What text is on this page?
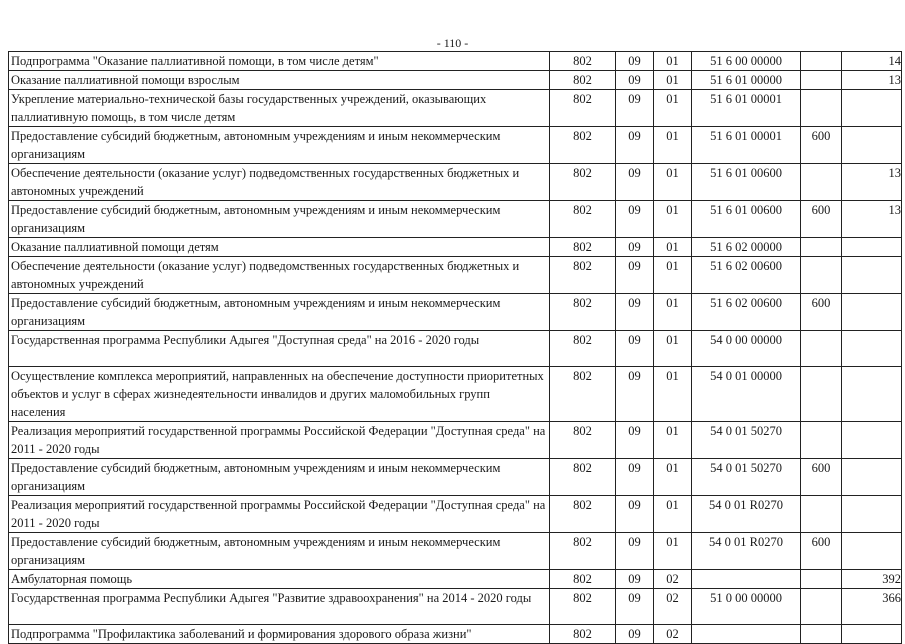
- 110 -
Подпрограмма "Оказание паллиативной помощи, в том числе детям"	802	09	01	51 6 00 00000		14
Оказание паллиативной помощи взрослым	802	09	01	51 6 01 00000		13
Укрепление материально-технической базы государственных учреждений, оказывающих паллиативную помощь, в том числе детям	802	09	01	51 6 01 00001		
Предоставление субсидий бюджетным, автономным учреждениям и иным некоммерческим организациям	802	09	01	51 6 01 00001	600	
Обеспечение деятельности (оказание услуг) подведомственных государственных бюджетных и автономных учреждений	802	09	01	51 6 01 00600		13
Предоставление субсидий бюджетным, автономным учреждениям и иным некоммерческим организациям	802	09	01	51 6 01 00600	600	13
Оказание паллиативной помощи детям	802	09	01	51 6 02 00000		
Обеспечение деятельности (оказание услуг) подведомственных государственных бюджетных и автономных учреждений	802	09	01	51 6 02 00600		
Предоставление субсидий бюджетным, автономным учреждениям и иным некоммерческим организациям	802	09	01	51 6 02 00600	600	
Государственная программа Республики Адыгея "Доступная среда" на 2016 - 2020 годы	802	09	01	54 0 00 00000		
Осуществление комплекса мероприятий, направленных на обеспечение доступности приоритетных объектов и услуг в сферах жизнедеятельности инвалидов и других маломобильных групп населения	802	09	01	54 0 01 00000		
Реализация мероприятий государственной программы Российской Федерации "Доступная среда" на 2011 - 2020 годы	802	09	01	54 0 01 50270		
Предоставление субсидий бюджетным, автономным учреждениям и иным некоммерческим организациям	802	09	01	54 0 01 50270	600	
Реализация мероприятий государственной программы Российской Федерации "Доступная среда" на 2011 - 2020 годы	802	09	01	54 0 01 R0270		
Предоставление субсидий бюджетным, автономным учреждениям и иным некоммерческим организациям	802	09	01	54 0 01 R0270	600	
Амбулаторная помощь	802	09	02			392
Государственная программа Республики Адыгея "Развитие здравоохранения" на 2014 - 2020 годы	802	09	02	51 0 00 00000		366
Подпрограмма "Профилактика заболеваний и формирования здорового образа жизни"	802	09	02			
